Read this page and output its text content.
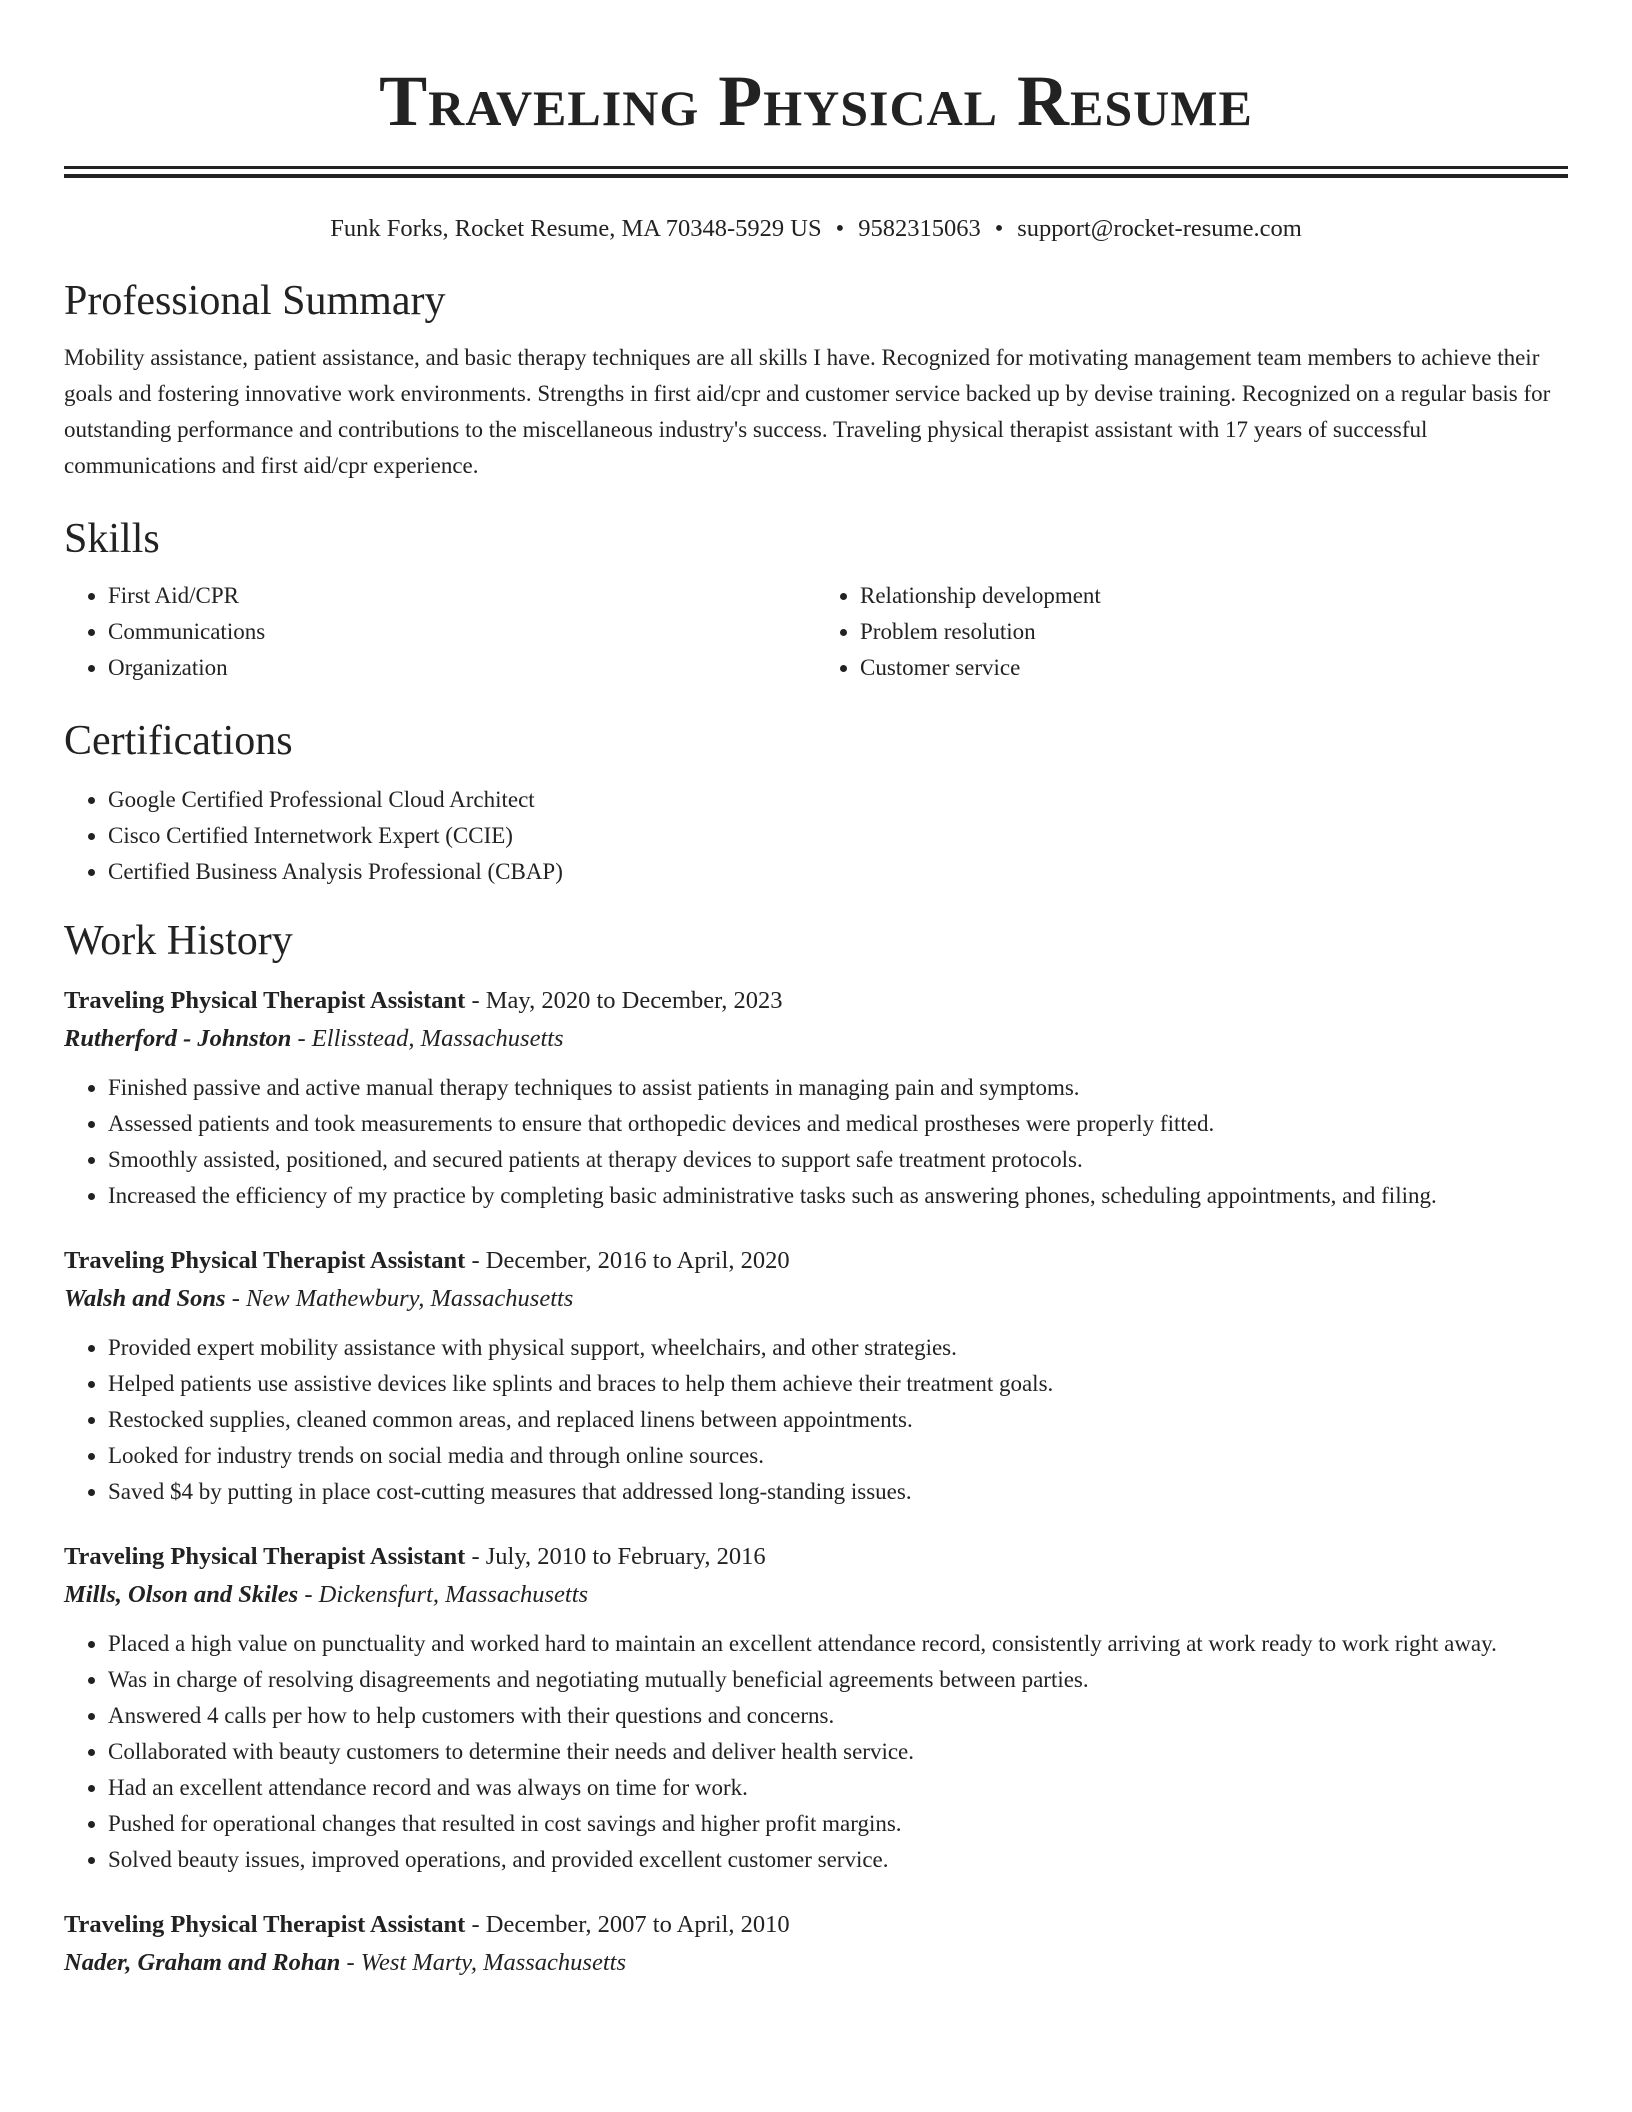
Traveling Physical Resume
Funk Forks, Rocket Resume, MA 70348-5929 US • 9582315063 • support@rocket-resume.com
Professional Summary

Mobility assistance, patient assistance, and basic therapy techniques are all skills I have. Recognized for motivating management team members to achieve their goals and fostering innovative work environments. Strengths in first aid/cpr and customer service backed up by devise training. Recognized on a regular basis for outstanding performance and contributions to the miscellaneous industry's success. Traveling physical therapist assistant with 17 years of successful communications and first aid/cpr experience.

Skills
• First Aid/CPR
• Communications
• Organization
• Relationship development
• Problem resolution
• Customer service
Certifications
• Google Certified Professional Cloud Architect
• Cisco Certified Internetwork Expert (CCIE)
• Certified Business Analysis Professional (CBAP)
Work History
Traveling Physical Therapist Assistant - May, 2020 to December, 2023
Rutherford - Johnston - Ellisstead, Massachusetts
• Finished passive and active manual therapy techniques to assist patients in managing pain and symptoms.
• Assessed patients and took measurements to ensure that orthopedic devices and medical prostheses were properly fitted.
• Smoothly assisted, positioned, and secured patients at therapy devices to support safe treatment protocols.
• Increased the efficiency of my practice by completing basic administrative tasks such as answering phones, scheduling appointments, and filing.
Traveling Physical Therapist Assistant - December, 2016 to April, 2020
Walsh and Sons - New Mathewbury, Massachusetts
• Provided expert mobility assistance with physical support, wheelchairs, and other strategies.
• Helped patients use assistive devices like splints and braces to help them achieve their treatment goals.
• Restocked supplies, cleaned common areas, and replaced linens between appointments.
• Looked for industry trends on social media and through online sources.
• Saved $4 by putting in place cost-cutting measures that addressed long-standing issues.
Traveling Physical Therapist Assistant - July, 2010 to February, 2016
Mills, Olson and Skiles - Dickensfurt, Massachusetts
• Placed a high value on punctuality and worked hard to maintain an excellent attendance record, consistently arriving at work ready to work right away.
• Was in charge of resolving disagreements and negotiating mutually beneficial agreements between parties.
• Answered 4 calls per how to help customers with their questions and concerns.
• Collaborated with beauty customers to determine their needs and deliver health service.
• Had an excellent attendance record and was always on time for work.
• Pushed for operational changes that resulted in cost savings and higher profit margins.
• Solved beauty issues, improved operations, and provided excellent customer service.
Traveling Physical Therapist Assistant - December, 2007 to April, 2010
Nader, Graham and Rohan - West Marty, Massachusetts
